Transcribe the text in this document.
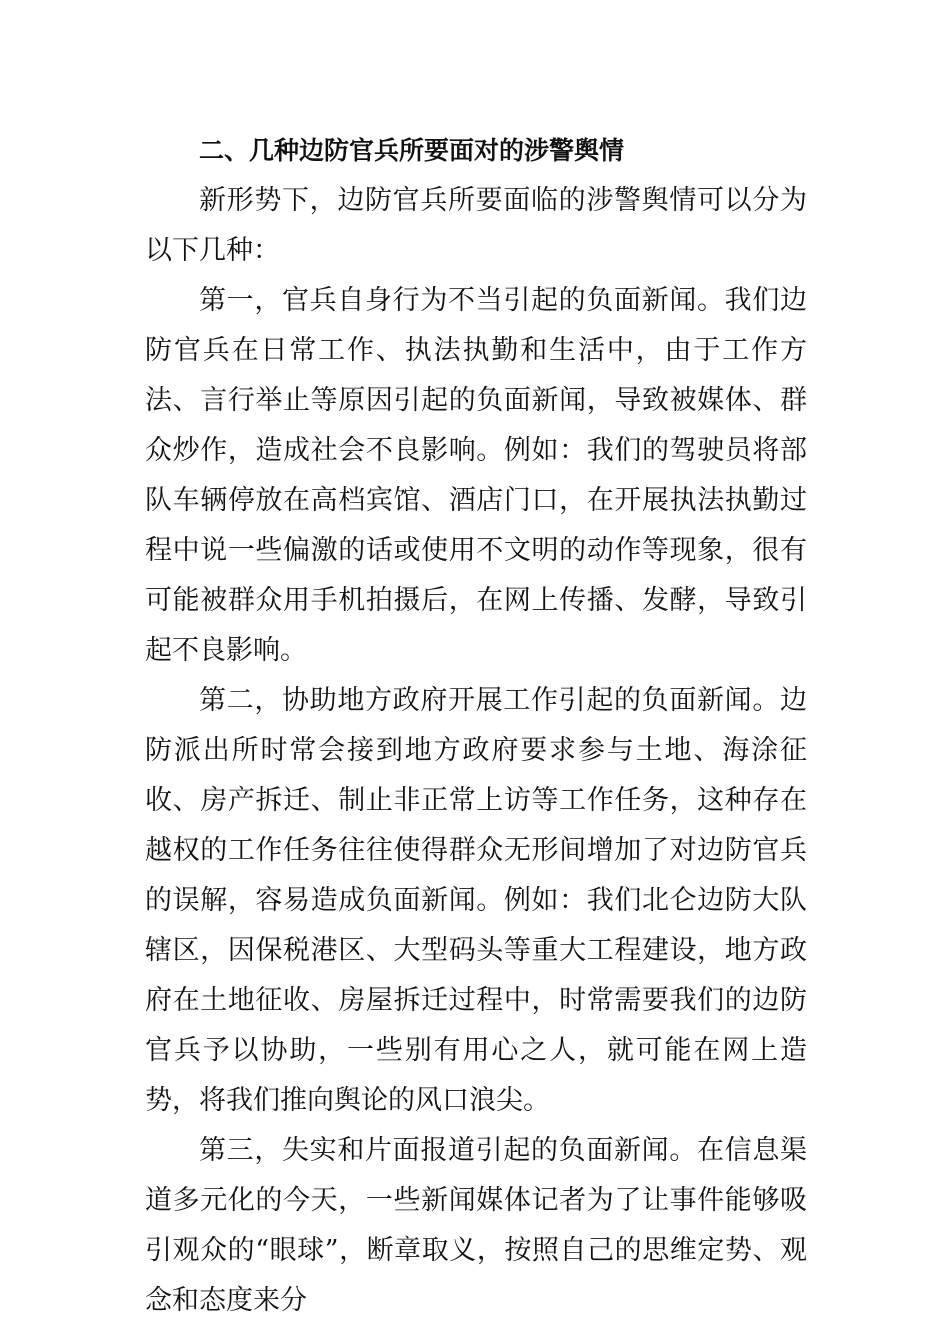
二、几种边防官兵所要面对的涉警舆情

新形势下，边防官兵所要面临的涉警舆情可以分为以下几种：

第一，官兵自身行为不当引起的负面新闻。我们边防官兵在日常工作、执法执勤和生活中，由于工作方法、言行举止等原因引起的负面新闻，导致被媒体、群众炒作，造成社会不良影响。例如：我们的驾驶员将部队车辆停放在高档宾馆、酒店门口，在开展执法执勤过程中说一些偏激的话或使用不文明的动作等现象，很有可能被群众用手机拍摄后，在网上传播、发酵，导致引起不良影响。

第二，协助地方政府开展工作引起的负面新闻。边防派出所时常会接到地方政府要求参与土地、海涂征收、房产拆迁、制止非正常上访等工作任务，这种存在越权的工作任务往往使得群众无形间增加了对边防官兵的误解，容易造成负面新闻。例如：我们北仑边防大队辖区，因保税港区、大型码头等重大工程建设，地方政府在土地征收、房屋拆迁过程中，时常需要我们的边防官兵予以协助，一些别有用心之人，就可能在网上造势，将我们推向舆论的风口浪尖。

第三，失实和片面报道引起的负面新闻。在信息渠道多元化的今天，一些新闻媒体记者为了让事件能够吸引观众的“眼球”，断章取义，按照自己的思维定势、观念和态度来分
